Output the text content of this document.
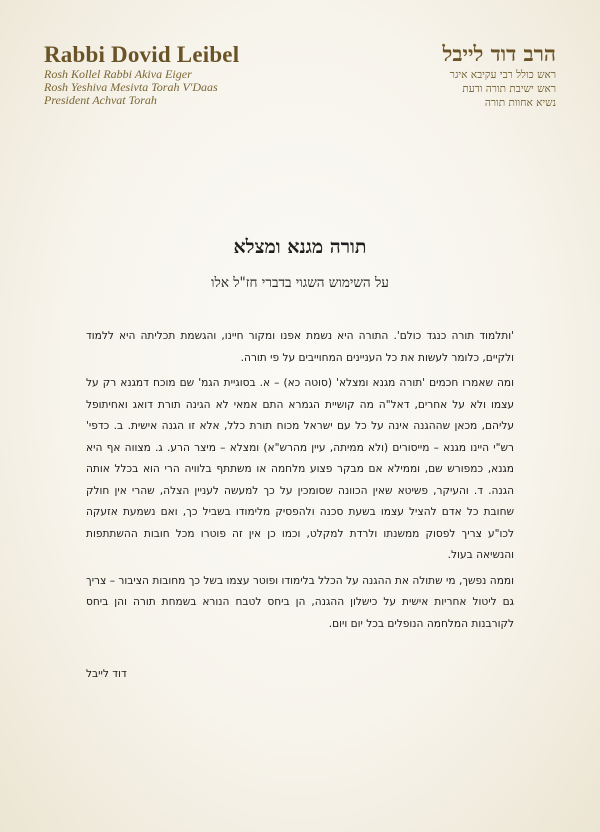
Rabbi Dovid Leibel
Rosh Kollel Rabbi Akiva Eiger
Rosh Yeshiva Mesivta Torah V'Daas
President Achvat Torah
הרב דוד לייבל
ראש כולל רבי עקיבא איגר
ראש ישיבת תורה ודעת
נשיא אחוות תורה
תורה מגנא ומצלא
על השימוש השגוי בדברי חז"ל אלו

'ותלמוד תורה כנגד כולם'. התורה היא נשמת אפנו ומקור חיינו, והגשמת תכליתה היא ללמוד ולקיים, כלומר לעשות את כל העניינים המחוייבים על פי תורה.

ומה שאמרו חכמים 'תורה מגנא ומצלא' (סוטה כא) – א. בסוגיית הגמ' שם מוכח דמגנא רק על עצמו ולא על אחרים, דאל"ה מה קושיית הגמרא התם אמאי לא הגינה תורת דואג ואחיתופל עליהם, מכאן שההגנה אינה על כל עם ישראל מכוח תורת כלל, אלא זו הגנה אישית. ב. כדפי' רש"י היינו מגנא – מייסורים (ולא ממיתה, עיין מהרש"א) ומצלא – מיצר הרע. ג. מצווה אף היא מגנא, כמפורש שם, וממילא אם מבקר פצוע מלחמה או משתתף בלוויה הרי הוא בכלל אותה הגנה. ד. והעיקר, פשיטא שאין הכוונה שסומכין על כך למעשה לעניין הצלה, שהרי אין חולק שחובת כל אדם להציל עצמו בשעת סכנה ולהפסיק מלימודו בשביל כך, ואם נשמעת אזעקה לכו"ע צריך לפסוק ממשנתו ולרדת למקלט, וכמו כן אין זה פוטרו מכל חובות ההשתתפות והנשיאה בעול.

וממה נפשך, מי שתולה את ההגנה על הכלל בלימודו ופוטר עצמו בשל כך מחובות הציבור – צריך גם ליטול אחריות אישית על כישלון ההגנה, הן ביחס לטבח הנורא בשמחת תורה והן ביחס לקורבנות המלחמה הנופלים בכל יום ויום.

דוד לייבל
